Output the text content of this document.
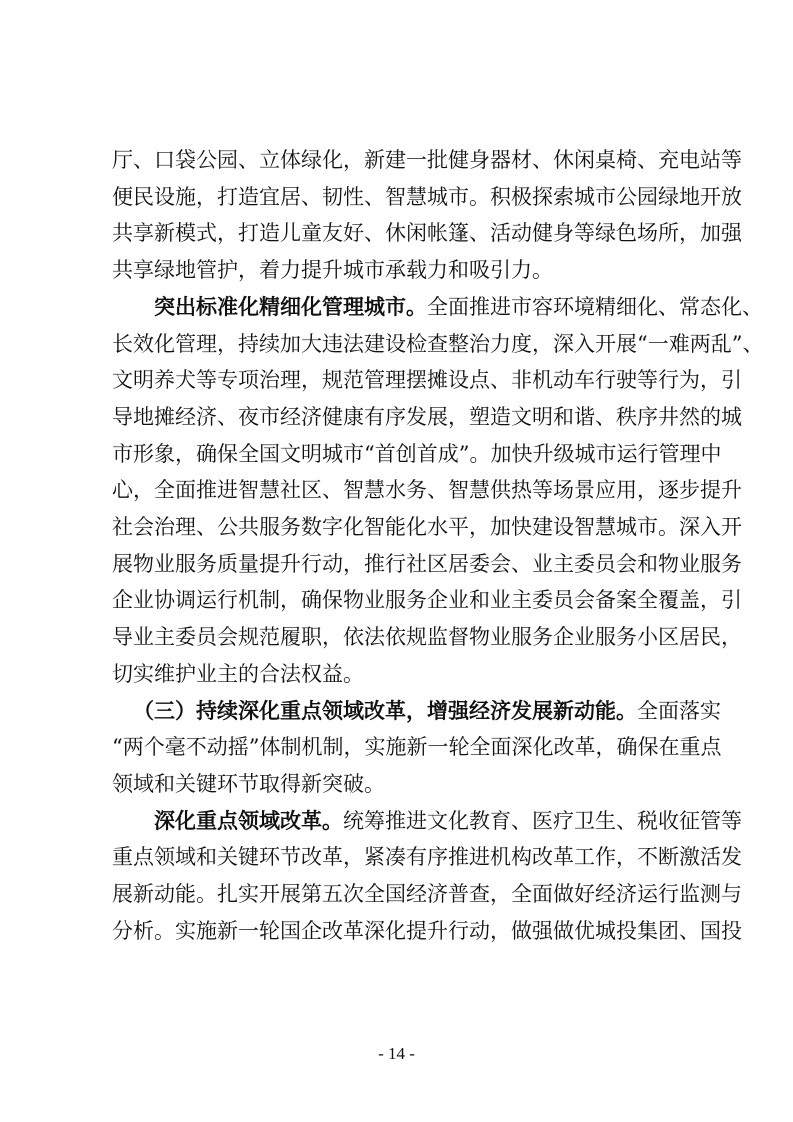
厅、口袋公园、立体绿化，新建一批健身器材、休闲桌椅、充电站等
便民设施，打造宜居、韧性、智慧城市。积极探索城市公园绿地开放
共享新模式，打造儿童友好、休闲帐篷、活动健身等绿色场所，加强
共享绿地管护，着力提升城市承载力和吸引力。
突出标准化精细化管理城市。全面推进市容环境精细化、常态化、
长效化管理，持续加大违法建设检查整治力度，深入开展“一难两乱”、
文明养犬等专项治理，规范管理摆摊设点、非机动车行驶等行为，引
导地摊经济、夜市经济健康有序发展，塑造文明和谐、秩序井然的城
市形象，确保全国文明城市“首创首成”。加快升级城市运行管理中
心，全面推进智慧社区、智慧水务、智慧供热等场景应用，逐步提升
社会治理、公共服务数字化智能化水平，加快建设智慧城市。深入开
展物业服务质量提升行动，推行社区居委会、业主委员会和物业服务
企业协调运行机制，确保物业服务企业和业主委员会备案全覆盖，引
导业主委员会规范履职，依法依规监督物业服务企业服务小区居民，
切实维护业主的合法权益。
（三）持续深化重点领域改革，增强经济发展新动能。全面落实
“两个毫不动摇”体制机制，实施新一轮全面深化改革，确保在重点
领域和关键环节取得新突破。
深化重点领域改革。统筹推进文化教育、医疗卫生、税收征管等
重点领域和关键环节改革，紧凑有序推进机构改革工作，不断激活发
展新动能。扎实开展第五次全国经济普查，全面做好经济运行监测与
分析。实施新一轮国企改革深化提升行动，做强做优城投集团、国投
- 14 -
